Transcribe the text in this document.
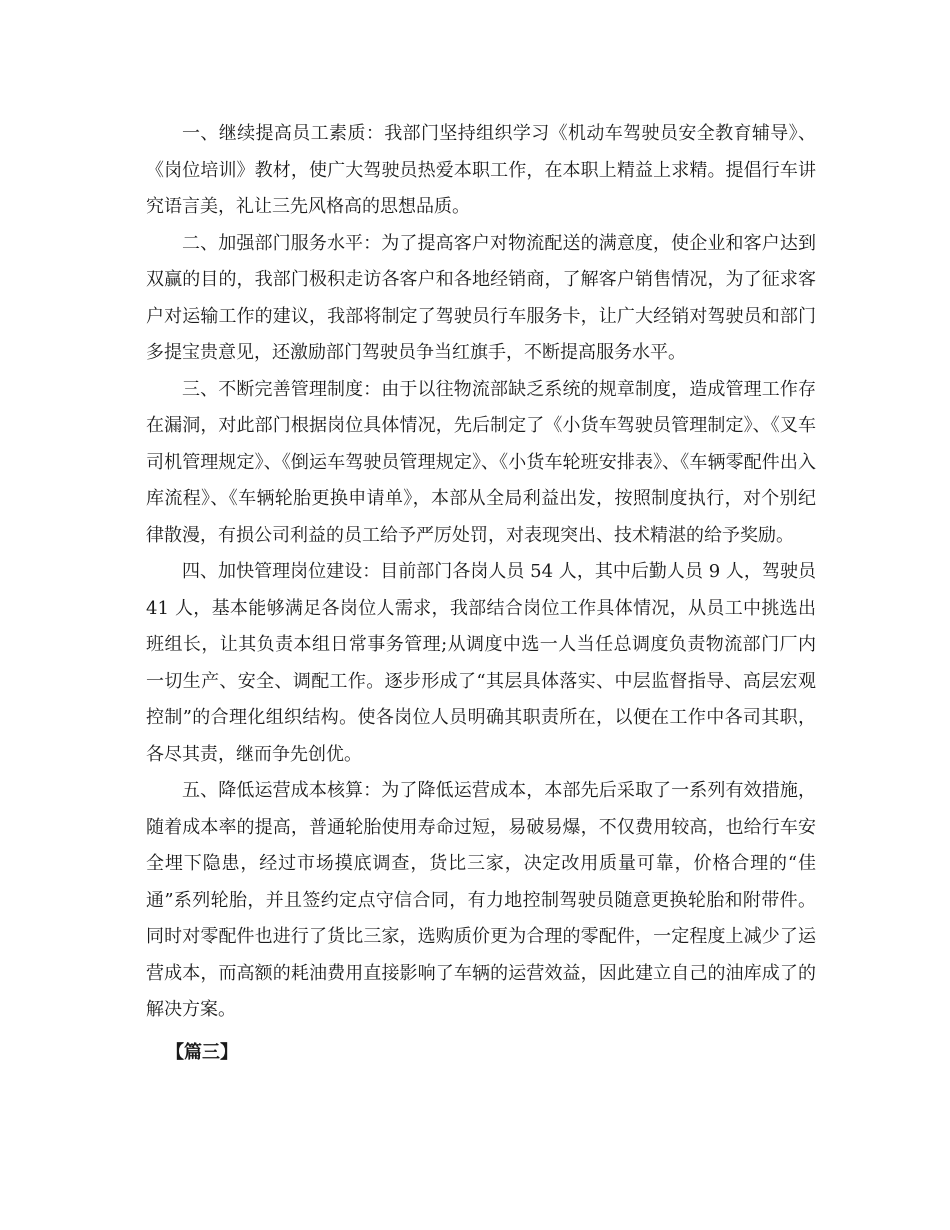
一、继续提高员工素质：我部门坚持组织学习《机动车驾驶员安全教育辅导》、《岗位培训》教材，使广大驾驶员热爱本职工作，在本职上精益上求精。提倡行车讲究语言美，礼让三先风格高的思想品质。

二、加强部门服务水平：为了提高客户对物流配送的满意度，使企业和客户达到双赢的目的，我部门极积走访各客户和各地经销商，了解客户销售情况，为了征求客户对运输工作的建议，我部将制定了驾驶员行车服务卡，让广大经销对驾驶员和部门多提宝贵意见，还激励部门驾驶员争当红旗手，不断提高服务水平。

三、不断完善管理制度：由于以往物流部缺乏系统的规章制度，造成管理工作存在漏洞，对此部门根据岗位具体情况，先后制定了《小货车驾驶员管理制定》、《叉车司机管理规定》、《倒运车驾驶员管理规定》、《小货车轮班安排表》、《车辆零配件出入库流程》、《车辆轮胎更换申请单》，本部从全局利益出发，按照制度执行，对个别纪律散漫，有损公司利益的员工给予严厉处罚，对表现突出、技术精湛的给予奖励。

四、加快管理岗位建设：目前部门各岗人员 54 人，其中后勤人员 9 人，驾驶员 41 人，基本能够满足各岗位人需求，我部结合岗位工作具体情况，从员工中挑选出班组长，让其负责本组日常事务管理;从调度中选一人当任总调度负责物流部门厂内一切生产、安全、调配工作。逐步形成了“其层具体落实、中层监督指导、高层宏观控制”的合理化组织结构。使各岗位人员明确其职责所在，以便在工作中各司其职，各尽其责，继而争先创优。

五、降低运营成本核算：为了降低运营成本，本部先后采取了一系列有效措施，随着成本率的提高，普通轮胎使用寿命过短，易破易爆，不仅费用较高，也给行车安全埋下隐患，经过市场摸底调查，货比三家，决定改用质量可靠，价格合理的“佳通”系列轮胎，并且签约定点守信合同，有力地控制驾驶员随意更换轮胎和附带件。同时对零配件也进行了货比三家，选购质价更为合理的零配件，一定程度上减少了运营成本，而高额的耗油费用直接影响了车辆的运营效益，因此建立自己的油库成了的解决方案。

【篇三】
